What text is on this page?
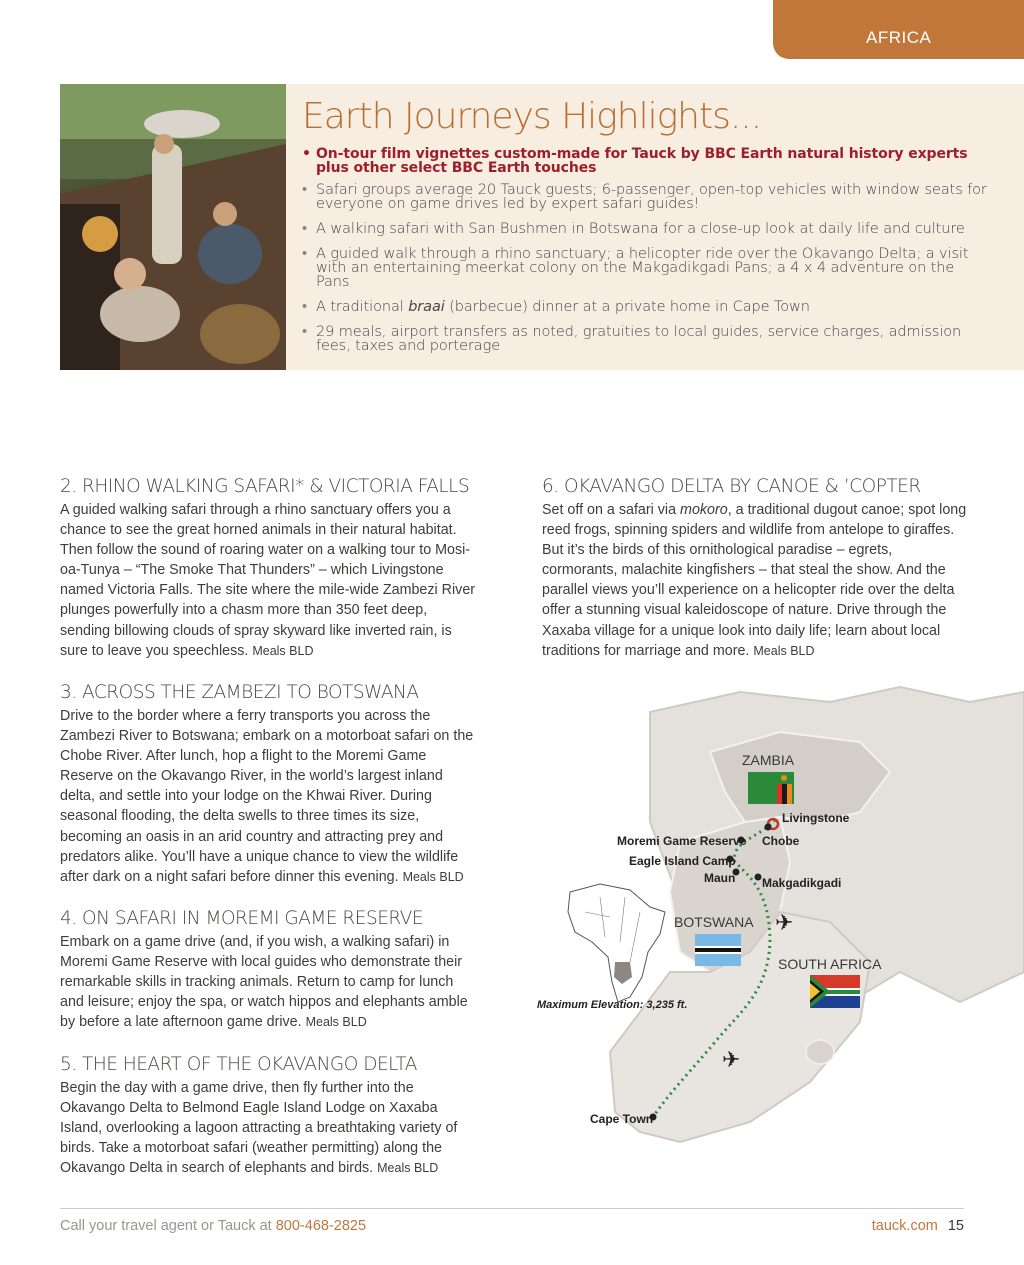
AFRICA
Earth Journeys Highlights...
• On-tour film vignettes custom-made for Tauck by BBC Earth natural history experts plus other select BBC Earth touches
• Safari groups average 20 Tauck guests; 6-passenger, open-top vehicles with window seats for everyone on game drives led by expert safari guides!
• A walking safari with San Bushmen in Botswana for a close-up look at daily life and culture
• A guided walk through a rhino sanctuary; a helicopter ride over the Okavango Delta; a visit with an entertaining meerkat colony on the Makgadikgadi Pans; a 4 x 4 adventure on the Pans
• A traditional braai (barbecue) dinner at a private home in Cape Town
• 29 meals, airport transfers as noted, gratuities to local guides, service charges, admission fees, taxes and porterage
2. RHINO WALKING SAFARI* & VICTORIA FALLS

A guided walking safari through a rhino sanctuary offers you a chance to see the great horned animals in their natural habitat. Then follow the sound of roaring water on a walking tour to Mosi-oa-Tunya – “The Smoke That Thunders” – which Livingstone named Victoria Falls. The site where the mile-wide Zambezi River plunges powerfully into a chasm more than 350 feet deep, sending billowing clouds of spray skyward like inverted rain, is sure to leave you speechless. Meals BLD

3. ACROSS THE ZAMBEZI TO BOTSWANA

Drive to the border where a ferry transports you across the Zambezi River to Botswana; embark on a motorboat safari on the Chobe River. After lunch, hop a flight to the Moremi Game Reserve on the Okavango River, in the world’s largest inland delta, and settle into your lodge on the Khwai River. During seasonal flooding, the delta swells to three times its size, becoming an oasis in an arid country and attracting prey and predators alike. You’ll have a unique chance to view the wildlife after dark on a night safari before dinner this evening. Meals BLD

4. ON SAFARI IN MOREMI GAME RESERVE

Embark on a game drive (and, if you wish, a walking safari) in Moremi Game Reserve with local guides who demonstrate their remarkable skills in tracking animals. Return to camp for lunch and leisure; enjoy the spa, or watch hippos and elephants amble by before a late afternoon game drive. Meals BLD

5. THE HEART OF THE OKAVANGO DELTA

Begin the day with a game drive, then fly further into the Okavango Delta to Belmond Eagle Island Lodge on Xaxaba Island, overlooking a lagoon attracting a breathtaking variety of birds. Take a motorboat safari (weather permitting) along the Okavango Delta in search of elephants and birds. Meals BLD

6. OKAVANGO DELTA BY CANOE & ’COPTER

Set off on a safari via mokoro, a traditional dugout canoe; spot long reed frogs, spinning spiders and wildlife from antelope to giraffes. But it’s the birds of this ornithological paradise – egrets, cormorants, malachite kingfishers – that steal the show. And the parallel views you’ll experience on a helicopter ride over the delta offer a stunning visual kaleidoscope of nature. Drive through the Xaxaba village for a unique look into daily life; learn about local traditions for marriage and more. Meals BLD

✈
✈
ZAMBIA
BOTSWANA
SOUTH AFRICA
Livingstone
Chobe
Moremi Game Reserve
Eagle Island Camp
Maun Makgadikgadi
Cape Town
Maximum Elevation: 3,235 ft.
Call your travel agent or Tauck at 800-468-2825	tauck.com 15
